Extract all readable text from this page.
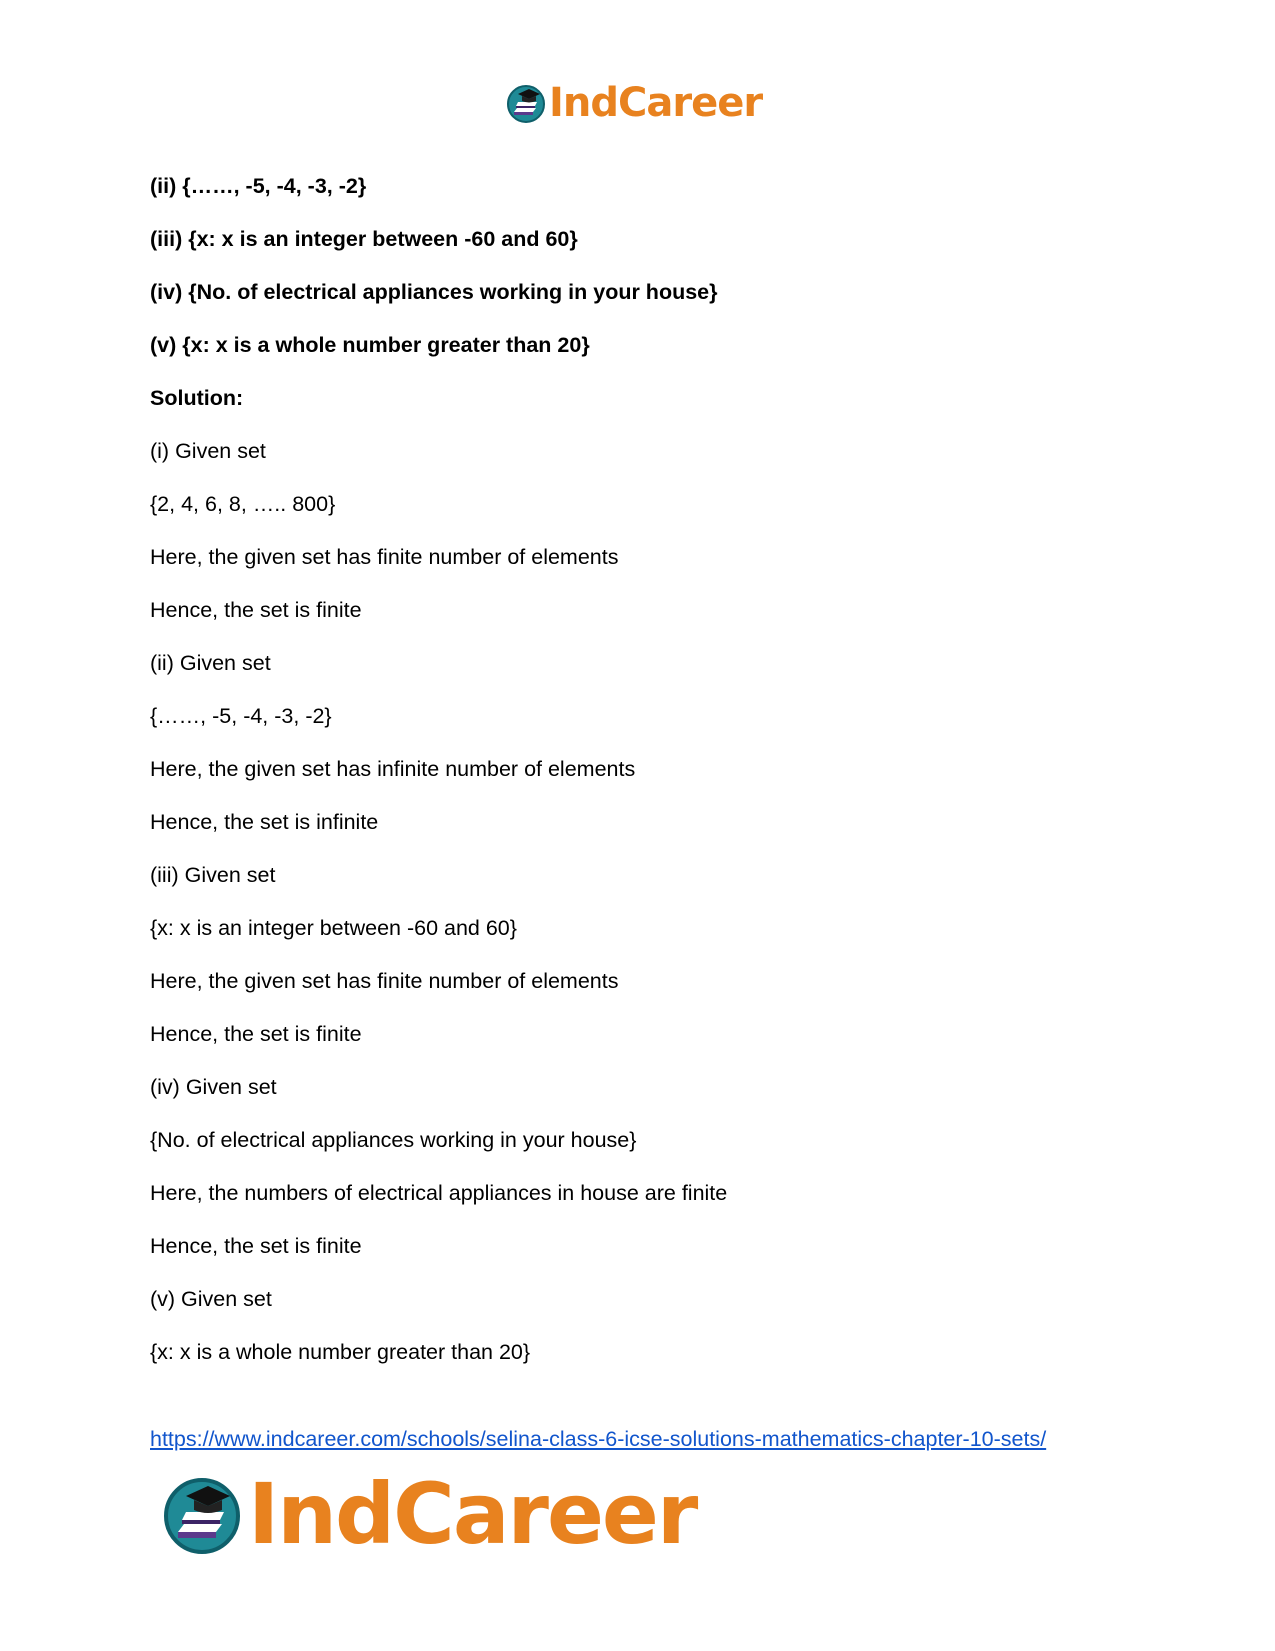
IndCareer
(ii) {……, -5, -4, -3, -2}
(iii) {x: x is an integer between -60 and 60}
(iv) {No. of electrical appliances working in your house}
(v) {x: x is a whole number greater than 20}
Solution:
(i) Given set
{2, 4, 6, 8, ….. 800}
Here, the given set has finite number of elements
Hence, the set is finite
(ii) Given set
{……, -5, -4, -3, -2}
Here, the given set has infinite number of elements
Hence, the set is infinite
(iii) Given set
{x: x is an integer between -60 and 60}
Here, the given set has finite number of elements
Hence, the set is finite
(iv) Given set
{No. of electrical appliances working in your house}
Here, the numbers of electrical appliances in house are finite
Hence, the set is finite
(v) Given set
{x: x is a whole number greater than 20}
https://www.indcareer.com/schools/selina-class-6-icse-solutions-mathematics-chapter-10-sets/
IndCareer
